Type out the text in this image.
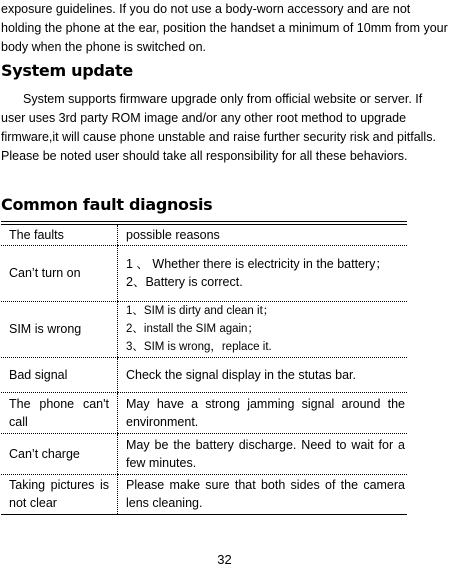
exposure guidelines. If you do not use a body-worn accessory and are not holding the phone at the ear, position the handset a minimum of 10mm from your body when the phone is switched on.

System update

System supports firmware upgrade only from official website or server. If user uses 3rd party ROM image and/or any other root method to upgrade firmware,it will cause phone unstable and raise further security risk and pitfalls. Please be noted user should take all responsibility for all these behaviors.

Common fault diagnosis
The faults	possible reasons
Can’t turn on	1 、 Whether there is electricity in the battery；
2、Battery is correct.

SIM is wrong	1、SIM is dirty and clean it；
2、install the SIM again；
3、SIM is wrong，replace it.

Bad signal	Check the signal display in the stutas bar.
The phone can't call	May have a strong jamming signal around the environment.
Can’t charge	May be the battery discharge. Need to wait for a few minutes.
Taking pictures is not clear	Please make sure that both sides of the camera lens cleaning.
32
